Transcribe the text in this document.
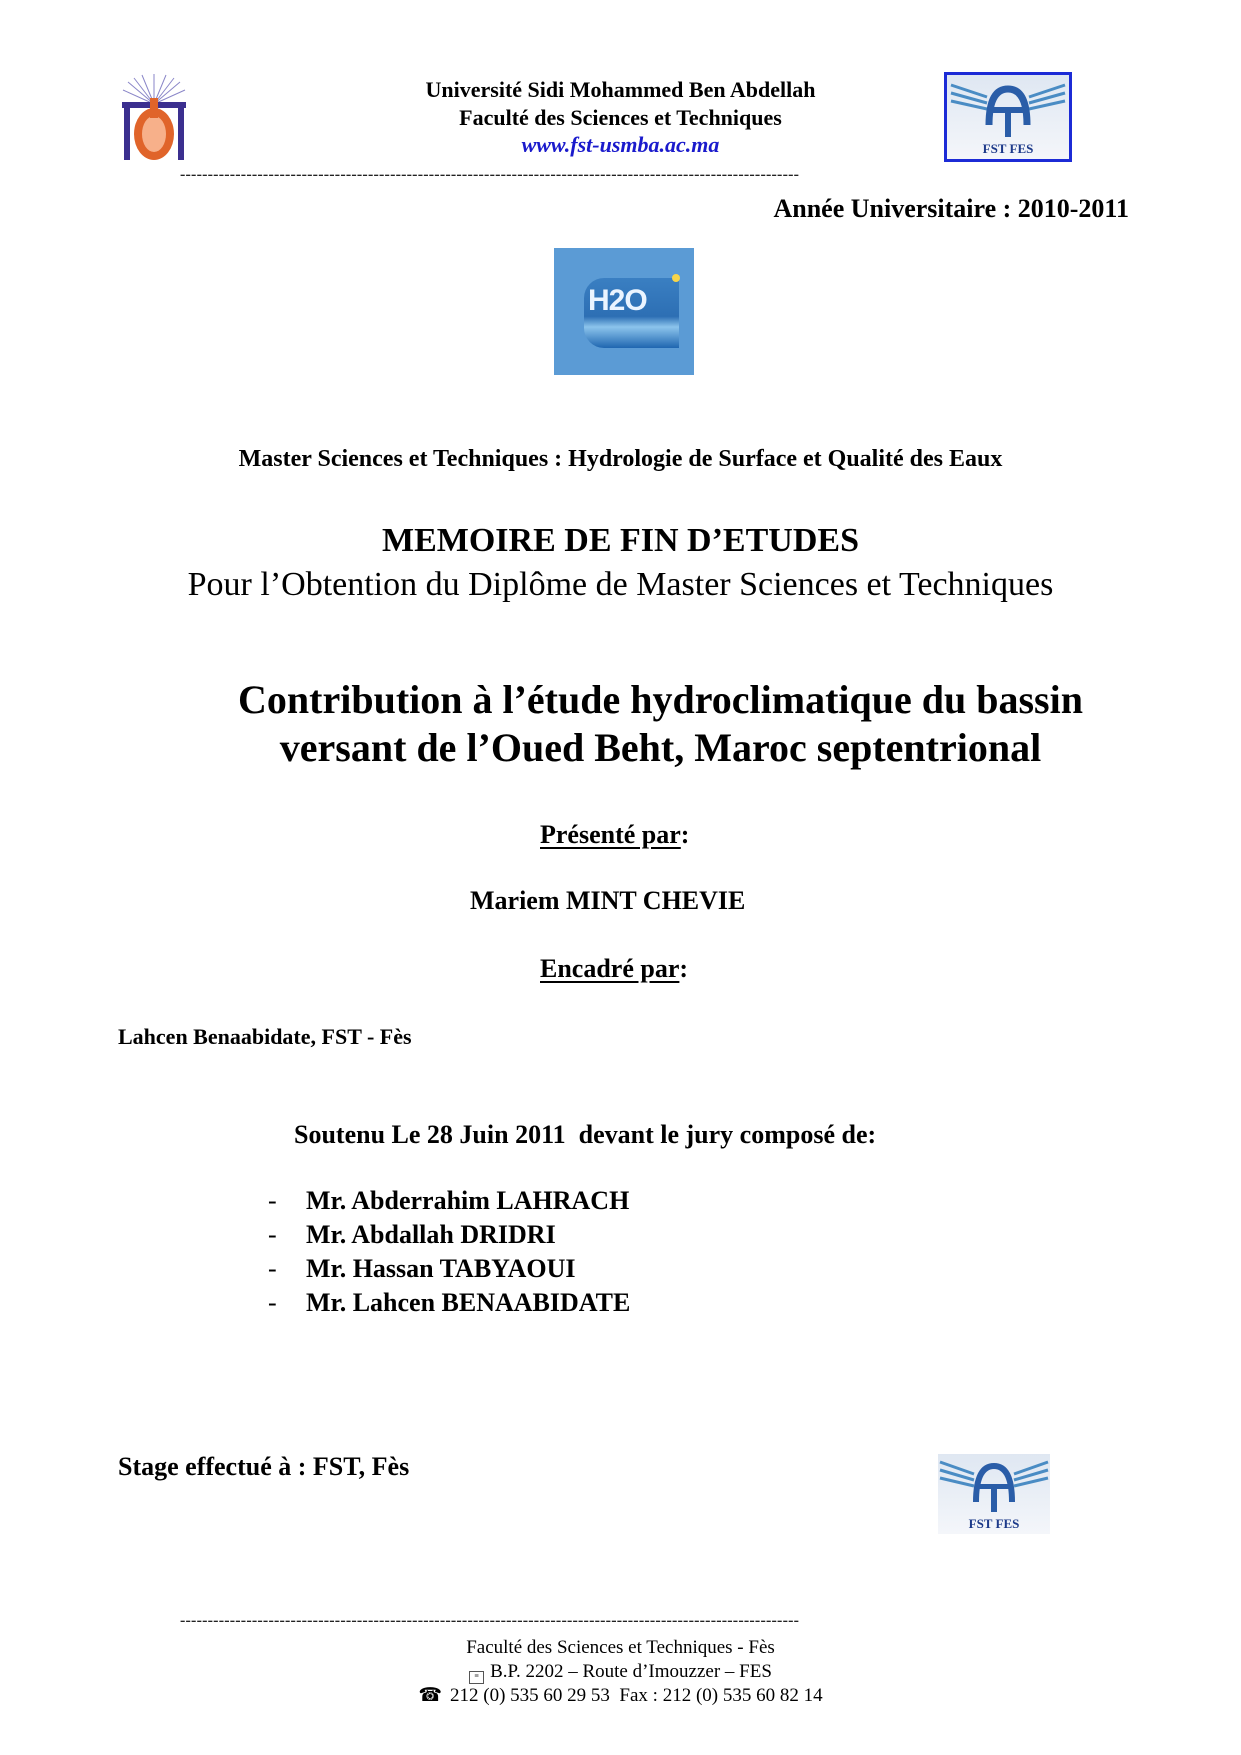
Université Sidi Mohammed Ben Abdellah
Faculté des Sciences et Techniques
www.fst-usmba.ac.ma	FST FES
----------------------------------------------------------------------------------------------------------------
Année Universitaire : 2010-2011
H2O
Master Sciences et Techniques : Hydrologie de Surface et Qualité des Eaux
MEMOIRE DE FIN D’ETUDES
Pour l’Obtention du Diplôme de Master Sciences et Techniques
Contribution à l’étude hydroclimatique du bassin
versant de l’Oued Beht, Maroc septentrional
Présenté par:
Mariem MINT CHEVIE
Encadré par:
Lahcen Benaabidate, FST - Fès
Soutenu Le 28 Juin 2011  devant le jury composé de:
- Mr. Abderrahim LAHRACH
- Mr. Abdallah DRIDRI
- Mr. Hassan TABYAOUI
- Mr. Lahcen BENAABIDATE
Stage effectué à : FST, Fès
FST FES
----------------------------------------------------------------------------------------------------------------
Faculté des Sciences et Techniques - Fès
≡ B.P. 2202 – Route d’Imouzzer – FES
☎ 212 (0) 535 60 29 53  Fax : 212 (0) 535 60 82 14
